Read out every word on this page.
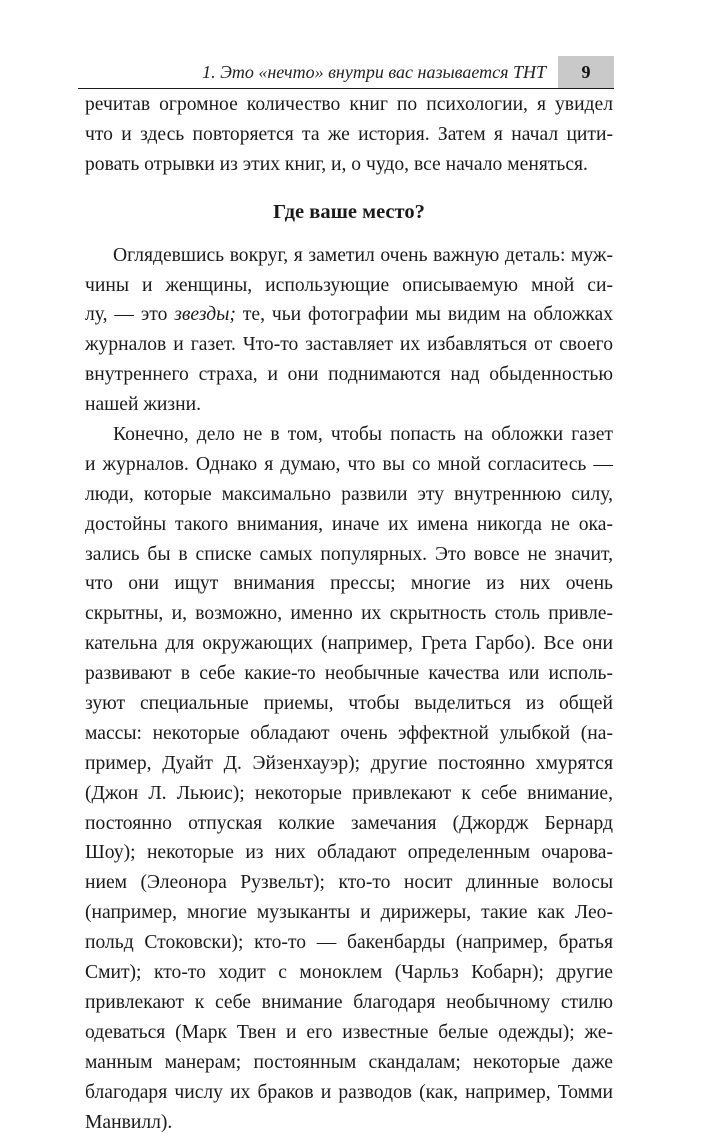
1. Это «нечто» внутри вас называется ТНТ	9
речитав огромное количество книг по психологии, я увидел
что и здесь повторяется та же история. Затем я начал цити-
ровать отрывки из этих книг, и, о чудо, все начало меняться.
Где ваше место?
Оглядевшись вокруг, я заметил очень важную деталь: муж-
чины и женщины, использующие описываемую мной си-
лу, — это звезды; те, чьи фотографии мы видим на обложках
журналов и газет. Что-то заставляет их избавляться от своего
внутреннего страха, и они поднимаются над обыденностью
нашей жизни.
Конечно, дело не в том, чтобы попасть на обложки газет
и журналов. Однако я думаю, что вы со мной согласитесь —
люди, которые максимально развили эту внутреннюю силу,
достойны такого внимания, иначе их имена никогда не ока-
зались бы в списке самых популярных. Это вовсе не значит,
что они ищут внимания прессы; многие из них очень
скрытны, и, возможно, именно их скрытность столь привле-
кательна для окружающих (например, Грета Гарбо). Все они
развивают в себе какие-то необычные качества или исполь-
зуют специальные приемы, чтобы выделиться из общей
массы: некоторые обладают очень эффектной улыбкой (на-
пример, Дуайт Д. Эйзенхауэр); другие постоянно хмурятся
(Джон Л. Льюис); некоторые привлекают к себе внимание,
постоянно отпуская колкие замечания (Джордж Бернард
Шоу); некоторые из них обладают определенным очарова-
нием (Элеонора Рузвельт); кто-то носит длинные волосы
(например, многие музыканты и дирижеры, такие как Лео-
польд Стоковски); кто-то — бакенбарды (например, братья
Смит); кто-то ходит с моноклем (Чарльз Кобарн); другие
привлекают к себе внимание благодаря необычному стилю
одеваться (Марк Твен и его известные белые одежды); же-
манным манерам; постоянным скандалам; некоторые даже
благодаря числу их браков и разводов (как, например, Томми
Манвилл).
